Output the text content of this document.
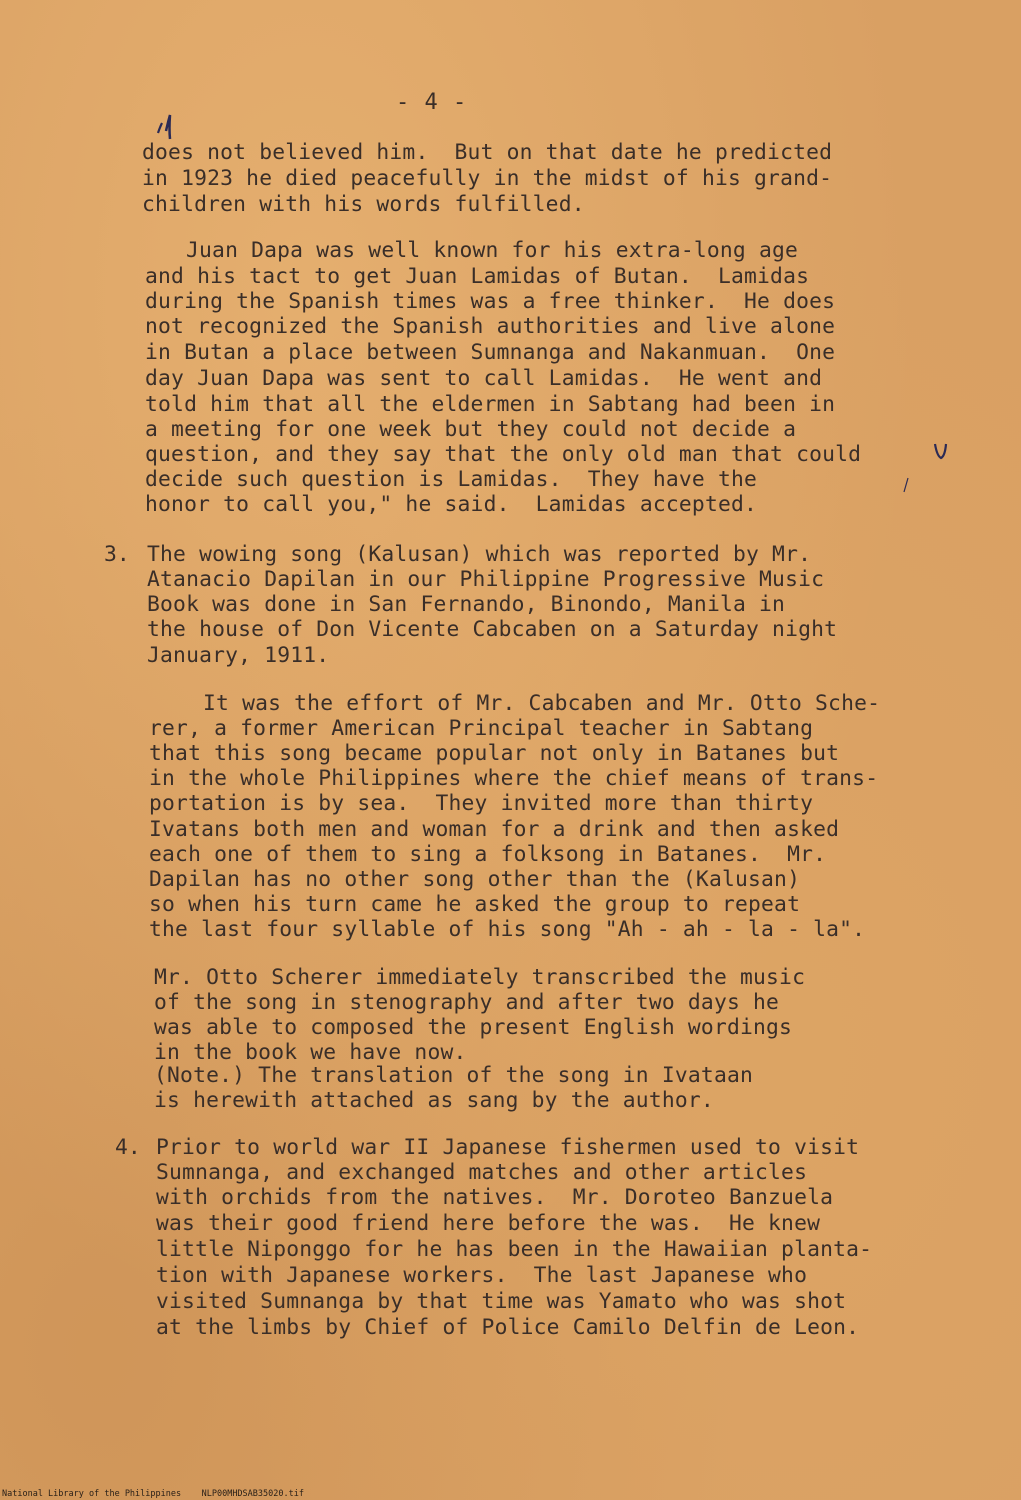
- 4 -
does not believed him.  But on that date he predicted
in 1923 he died peacefully in the midst of his grand-
children with his words fulfilled.
Juan Dapa was well known for his extra-long age
and his tact to get Juan Lamidas of Butan.  Lamidas
during the Spanish times was a free thinker.  He does
not recognized the Spanish authorities and live alone
in Butan a place between Sumnanga and Nakanmuan.  One
day Juan Dapa was sent to call Lamidas.  He went and
told him that all the eldermen in Sabtang had been in
a meeting for one week but they could not decide a
question, and they say that the only old man that could
decide such question is Lamidas.  They have the
honor to call you," he said.  Lamidas accepted.
3. The wowing song (Kalusan) which was reported by Mr.
Atanacio Dapilan in our Philippine Progressive Music
Book was done in San Fernando, Binondo, Manila in
the house of Don Vicente Cabcaben on a Saturday night
January, 1911.
It was the effort of Mr. Cabcaben and Mr. Otto Sche-
rer, a former American Principal teacher in Sabtang
that this song became popular not only in Batanes but
in the whole Philippines where the chief means of trans-
portation is by sea.  They invited more than thirty
Ivatans both men and woman for a drink and then asked
each one of them to sing a folksong in Batanes.  Mr.
Dapilan has no other song other than the (Kalusan)
so when his turn came he asked the group to repeat
the last four syllable of his song "Ah - ah - la - la".
Mr. Otto Scherer immediately transcribed the music
of the song in stenography and after two days he
was able to composed the present English wordings
in the book we have now.
(Note.) The translation of the song in Ivataan
is herewith attached as sang by the author.
4. Prior to world war II Japanese fishermen used to visit
Sumnanga, and exchanged matches and other articles
with orchids from the natives.  Mr. Doroteo Banzuela
was their good friend here before the was.  He knew
little Niponggo for he has been in the Hawaiian planta-
tion with Japanese workers.  The last Japanese who
visited Sumnanga by that time was Yamato who was shot
at the limbs by Chief of Police Camilo Delfin de Leon.
National Library of the Philippines NLP00MHDSAB35020.tif
